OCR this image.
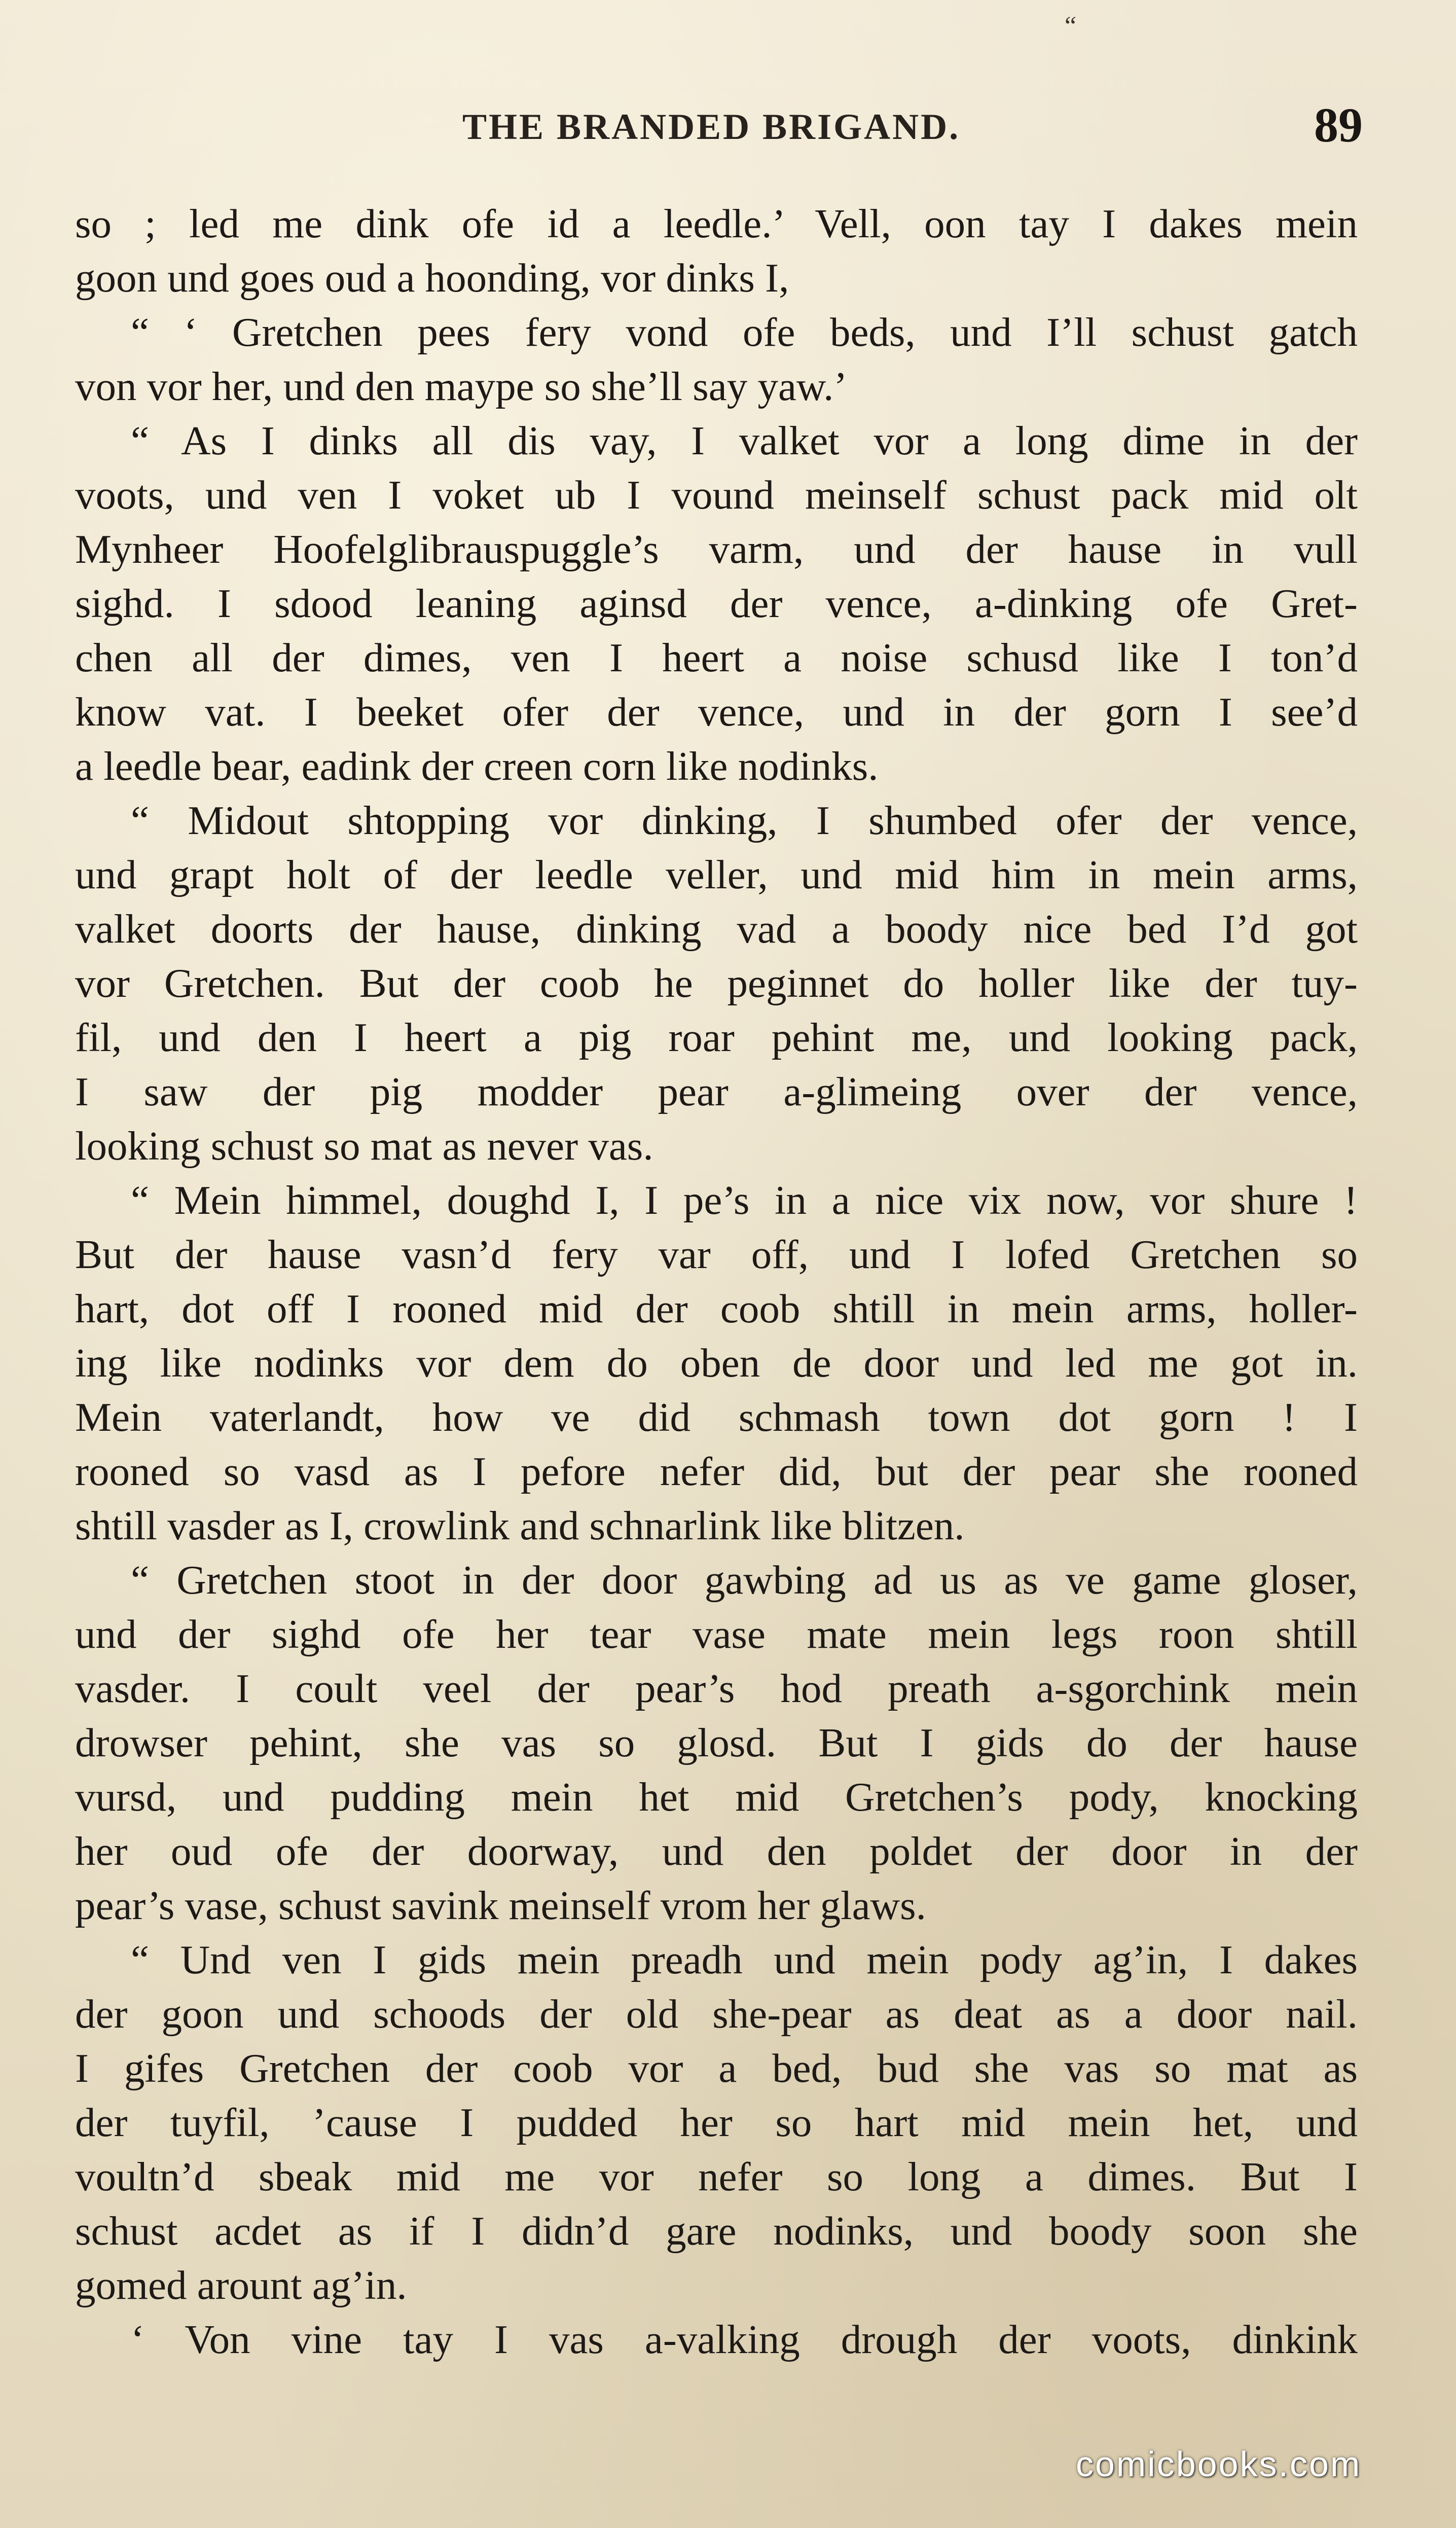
“
THE BRANDED BRIGAND.	89
so ; led me dink ofe id a leedle.’ Vell, oon tay I dakes mein
goon und goes oud a hoonding, vor dinks I,
“ ‘ Gretchen pees fery vond ofe beds, und I’ll schust gatch
von vor her, und den maype so she’ll say yaw.’
“ As I dinks all dis vay, I valket vor a long dime in der
voots, und ven I voket ub I vound meinself schust pack mid olt
Mynheer Hoofelglibrauspuggle’s varm, und der hause in vull
sighd. I sdood leaning aginsd der vence, a-dinking ofe Gret-
chen all der dimes, ven I heert a noise schusd like I ton’d
know vat. I beeket ofer der vence, und in der gorn I see’d
a leedle bear, eadink der creen corn like nodinks.
“ Midout shtopping vor dinking, I shumbed ofer der vence,
und grapt holt of der leedle veller, und mid him in mein arms,
valket doorts der hause, dinking vad a boody nice bed I’d got
vor Gretchen. But der coob he peginnet do holler like der tuy-
fil, und den I heert a pig roar pehint me, und looking pack,
I saw der pig modder pear a-glimeing over der vence,
looking schust so mat as never vas.
“ Mein himmel, doughd I, I pe’s in a nice vix now, vor shure !
But der hause vasn’d fery var off, und I lofed Gretchen so
hart, dot off I rooned mid der coob shtill in mein arms, holler-
ing like nodinks vor dem do oben de door und led me got in.
Mein vaterlandt, how ve did schmash town dot gorn ! I
rooned so vasd as I pefore nefer did, but der pear she rooned
shtill vasder as I, crowlink and schnarlink like blitzen.
“ Gretchen stoot in der door gawbing ad us as ve game gloser,
und der sighd ofe her tear vase mate mein legs roon shtill
vasder. I coult veel der pear’s hod preath a-sgorchink mein
drowser pehint, she vas so glosd. But I gids do der hause
vursd, und pudding mein het mid Gretchen’s pody, knocking
her oud ofe der doorway, und den poldet der door in der
pear’s vase, schust savink meinself vrom her glaws.
“ Und ven I gids mein preadh und mein pody ag’in, I dakes
der goon und schoods der old she-pear as deat as a door nail.
I gifes Gretchen der coob vor a bed, bud she vas so mat as
der tuyfil, ’cause I pudded her so hart mid mein het, und
voultn’d sbeak mid me vor nefer so long a dimes. But I
schust acdet as if I didn’d gare nodinks, und boody soon she
gomed arount ag’in.
‘ Von vine tay I vas a-valking drough der voots, dinkink
comicbooks.com
